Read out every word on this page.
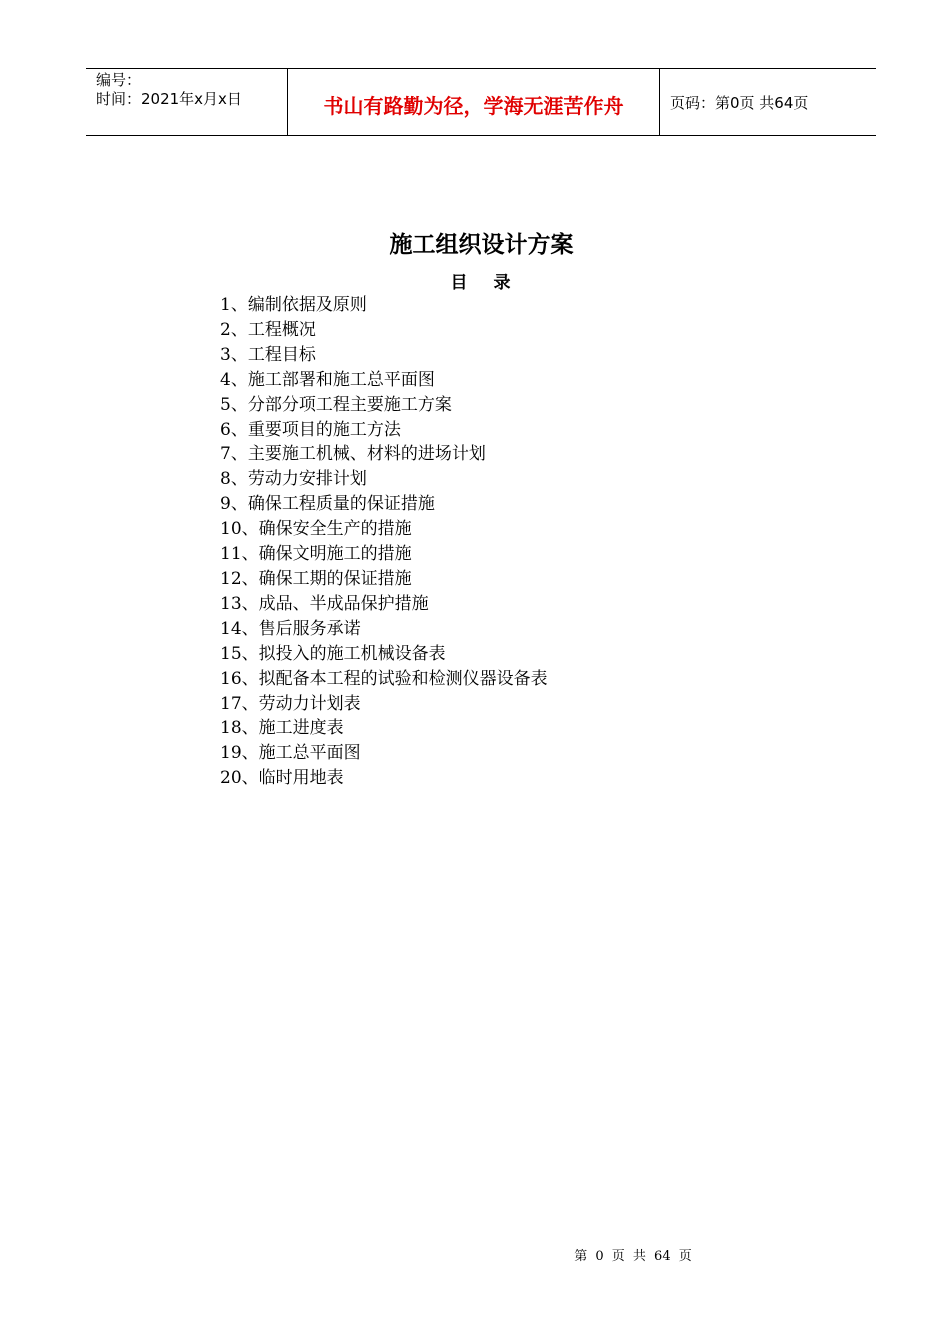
编号：
时间：2021年x月x日	书山有路勤为径，学海无涯苦作舟	页码：第0页 共64页
施工组织设计方案
目 录
1、编制依据及原则
2、工程概况
3、工程目标
4、施工部署和施工总平面图
5、分部分项工程主要施工方案
6、重要项目的施工方法
7、主要施工机械、材料的进场计划
8、劳动力安排计划
9、确保工程质量的保证措施
10、确保安全生产的措施
11、确保文明施工的措施
12、确保工期的保证措施
13、成品、半成品保护措施
14、售后服务承诺
15、拟投入的施工机械设备表
16、拟配备本工程的试验和检测仪器设备表
17、劳动力计划表
18、施工进度表
19、施工总平面图
20、临时用地表
第 0 页 共 64 页
